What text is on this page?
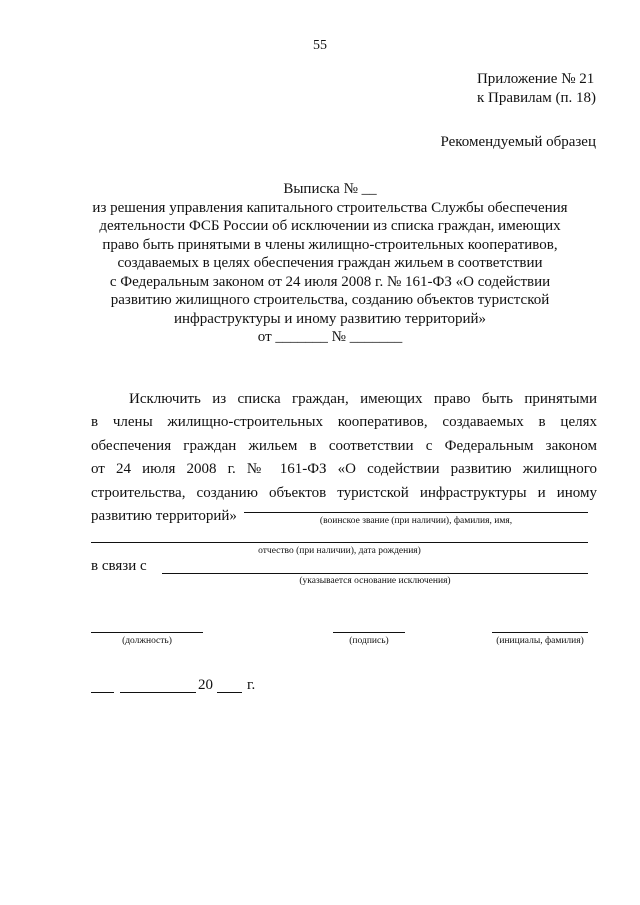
55
Приложение № 21
к Правилам (п. 18)
Рекомендуемый образец
Выписка № __
из решения управления капитального строительства Службы обеспечения
деятельности ФСБ России об исключении из списка граждан, имеющих
право быть принятыми в члены жилищно-строительных кооперативов,
создаваемых в целях обеспечения граждан жильем в соответствии
с Федеральным законом от 24 июля 2008 г. № 161-ФЗ «О содействии
развитию жилищного строительства, созданию объектов туристской
инфраструктуры и иному развитию территорий»
от _______ № _______
Исключить из списка граждан, имеющих право быть принятыми
в члены жилищно-строительных кооперативов, создаваемых в целях
обеспечения граждан жильем в соответствии с Федеральным законом
от 24 июля 2008 г. № 161-ФЗ «О содействии развитию жилищного
строительства, созданию объектов туристской инфраструктуры и иному
развитию территорий»	(воинское звание (при наличии), фамилия, имя,
отчество (при наличии), дата рождения)
в связи с
(указывается основание исключения)
(должность)	(подпись)	(инициалы, фамилия)
20 г.
